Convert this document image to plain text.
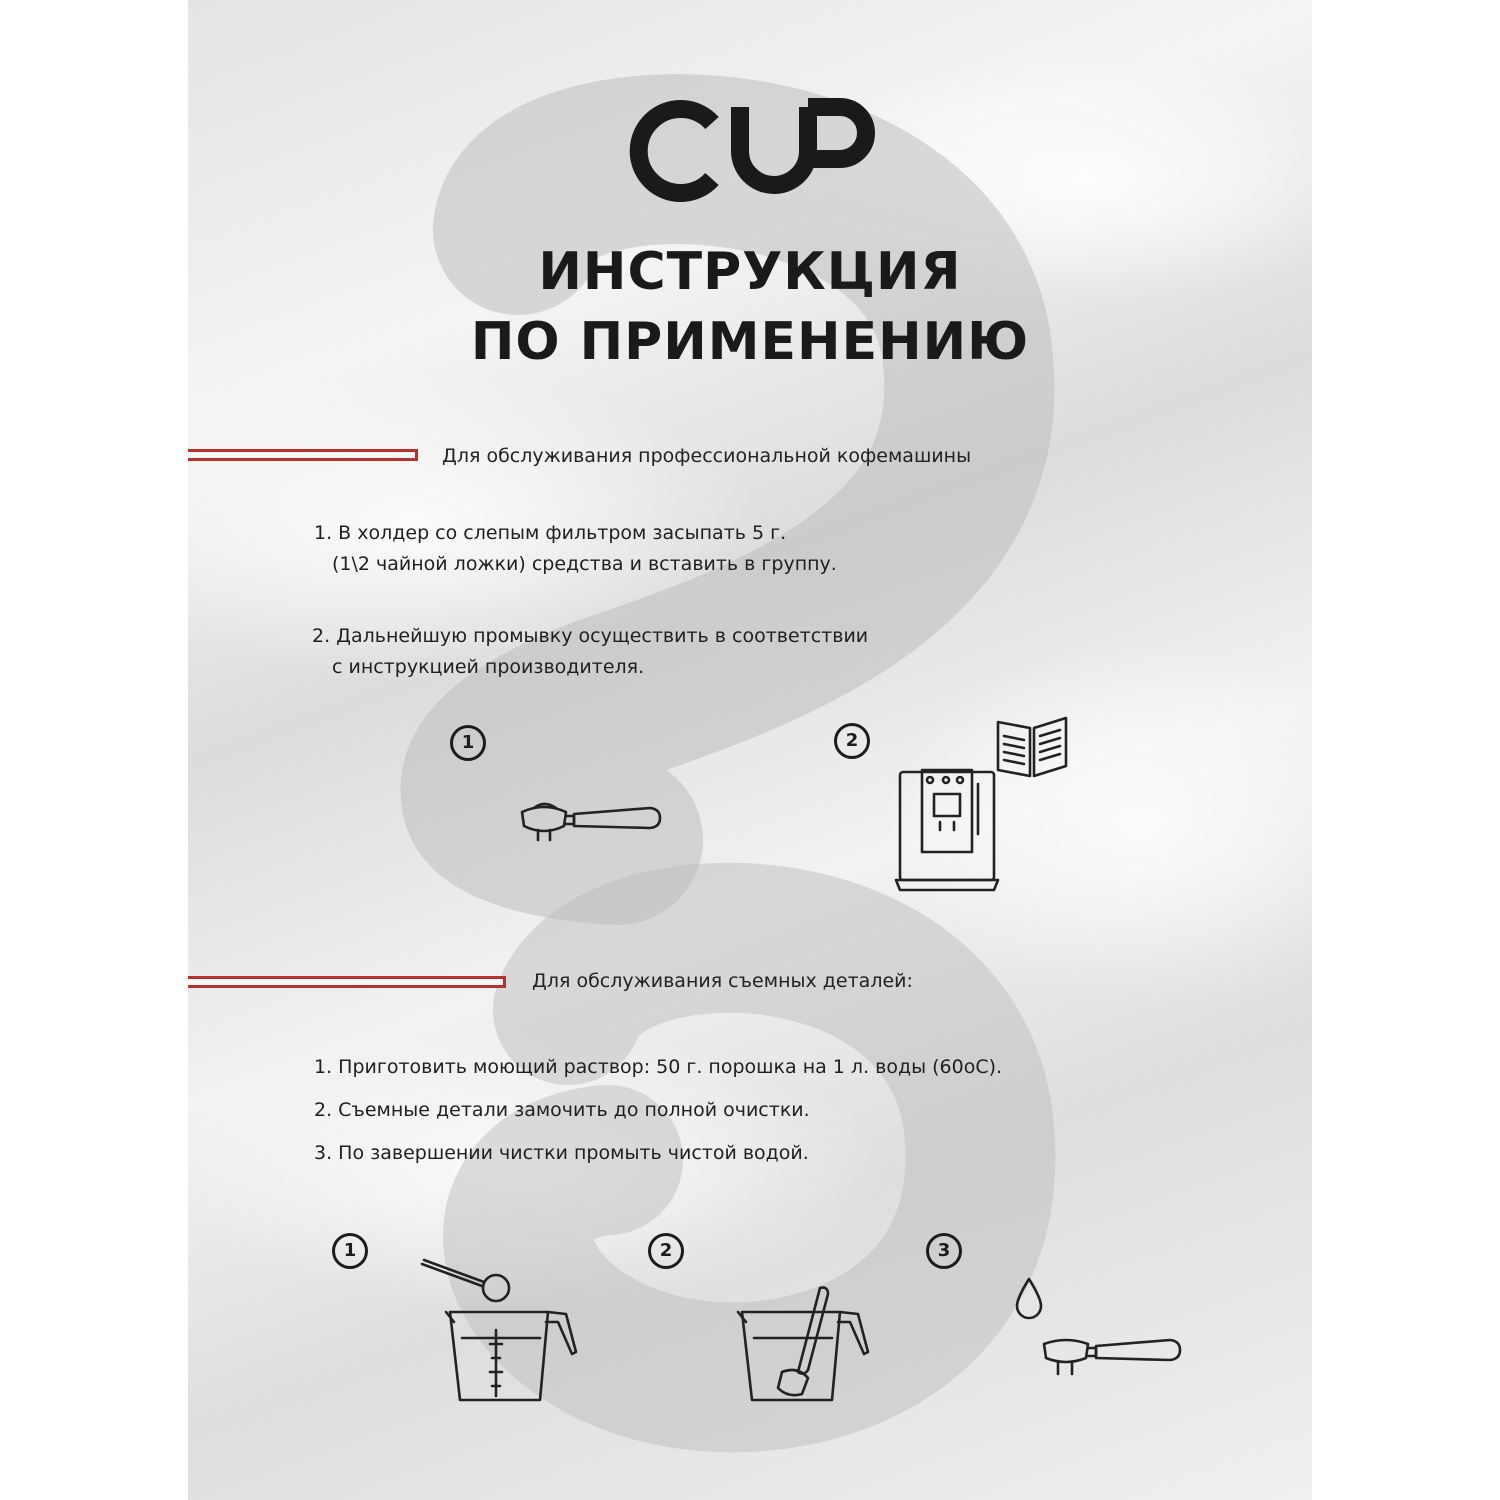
ИНСТРУКЦИЯ
ПО ПРИМЕНЕНИЮ
Для обслуживания профессиональной кофемашины
1. В холдер со слепым фильтром засыпать 5 г.
(1\2 чайной ложки) средства и вставить в группу.
2. Дальнейшую промывку осуществить в соответствии
с инструкцией производителя.
1	2
Для обслуживания съемных деталей:
1. Приготовить моющий раствор: 50 г. порошка на 1 л. воды (60оС).
2. Съемные детали замочить до полной очистки.
3. По завершении чистки промыть чистой водой.
1	2	3
